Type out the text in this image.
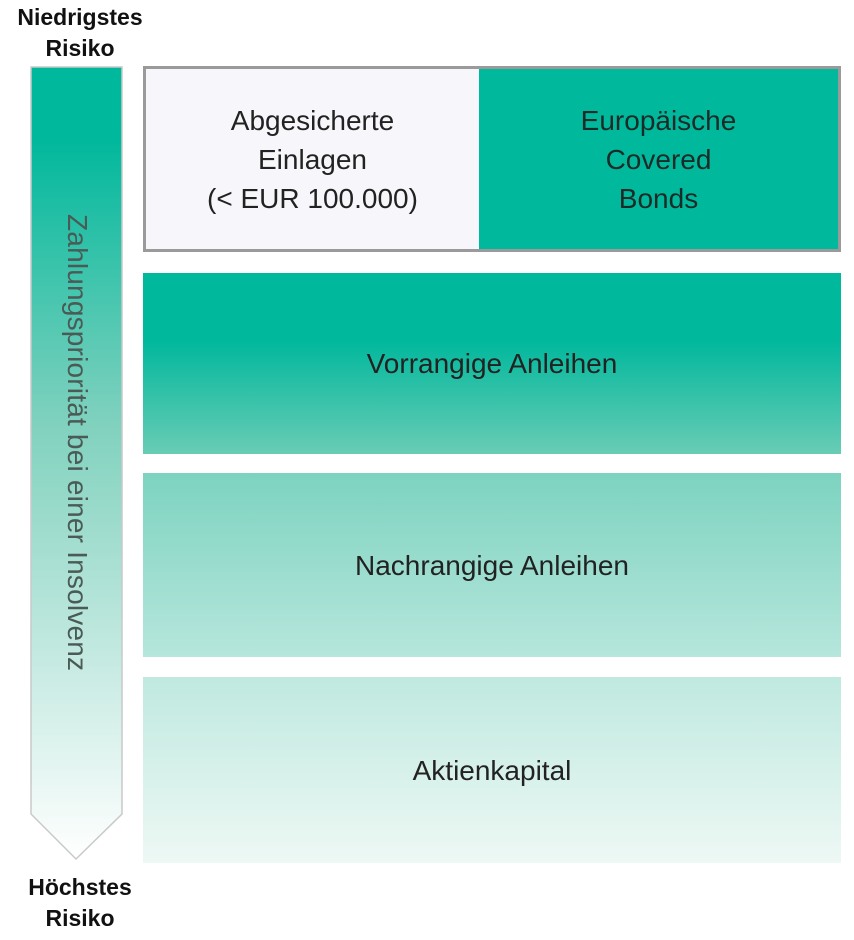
Niedrigstes
Risiko
Zahlungspriorität bei einer Insolvenz
Höchstes
Risiko
Abgesicherte
Einlagen
(< EUR 100.000)
Europäische
Covered
Bonds
Vorrangige Anleihen
Nachrangige Anleihen
Aktienkapital
